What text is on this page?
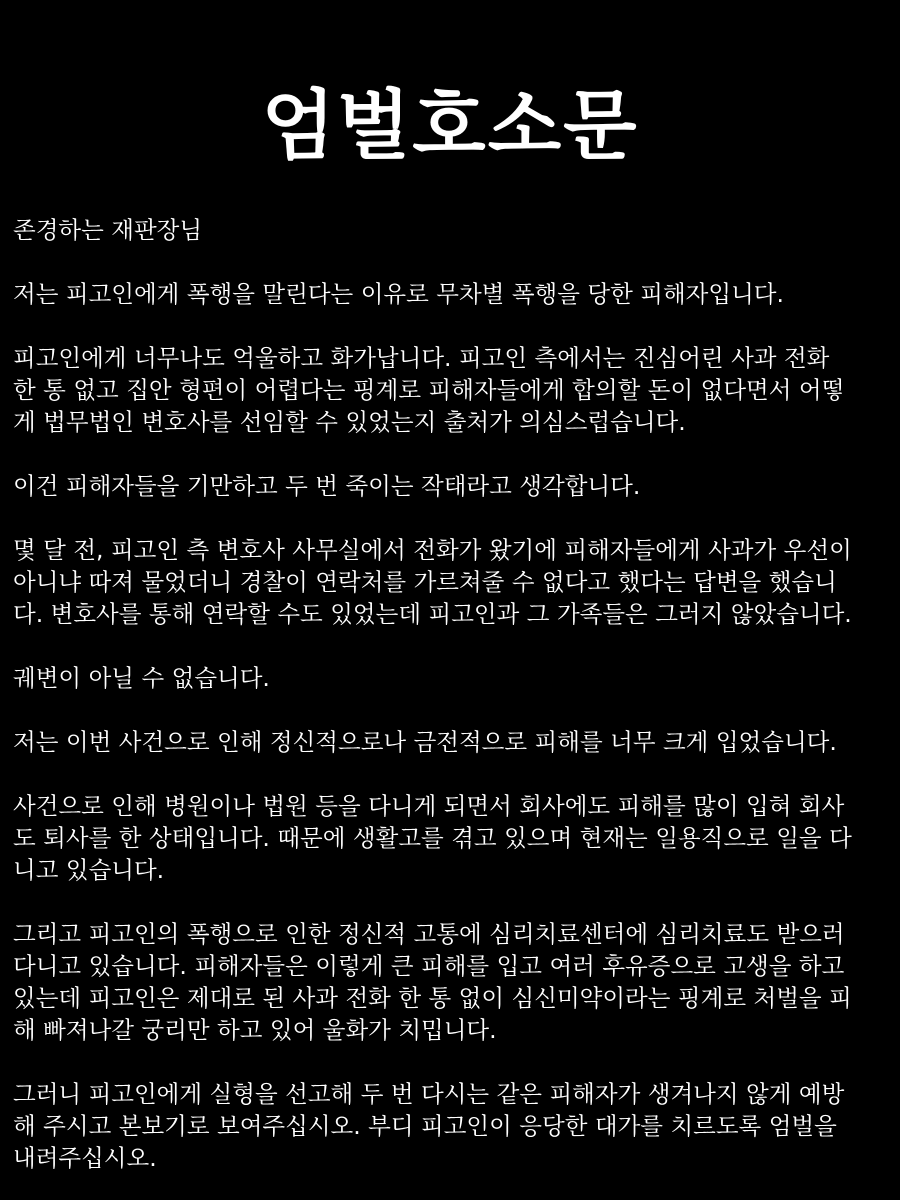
엄벌호소문
존경하는 재판장님
저는 피고인에게 폭행을 말린다는 이유로 무차별 폭행을 당한 피해자입니다.
피고인에게 너무나도 억울하고 화가납니다. 피고인 측에서는 진심어린 사과 전화
한 통 없고 집안 형편이 어렵다는 핑계로 피해자들에게 합의할 돈이 없다면서 어떻
게 법무법인 변호사를 선임할 수 있었는지 출처가 의심스럽습니다.
이건 피해자들을 기만하고 두 번 죽이는 작태라고 생각합니다.
몇 달 전, 피고인 측 변호사 사무실에서 전화가 왔기에 피해자들에게 사과가 우선이
아니냐 따져 물었더니 경찰이 연락처를 가르쳐줄 수 없다고 했다는 답변을 했습니
다. 변호사를 통해 연락할 수도 있었는데 피고인과 그 가족들은 그러지 않았습니다.
궤변이 아닐 수 없습니다.
저는 이번 사건으로 인해 정신적으로나 금전적으로 피해를 너무 크게 입었습니다.
사건으로 인해 병원이나 법원 등을 다니게 되면서 회사에도 피해를 많이 입혀 회사
도 퇴사를 한 상태입니다. 때문에 생활고를 겪고 있으며 현재는 일용직으로 일을 다
니고 있습니다.
그리고 피고인의 폭행으로 인한 정신적 고통에 심리치료센터에 심리치료도 받으러
다니고 있습니다. 피해자들은 이렇게 큰 피해를 입고 여러 후유증으로 고생을 하고
있는데 피고인은 제대로 된 사과 전화 한 통 없이 심신미약이라는 핑계로 처벌을 피
해 빠져나갈 궁리만 하고 있어 울화가 치밉니다.
그러니 피고인에게 실형을 선고해 두 번 다시는 같은 피해자가 생겨나지 않게 예방
해 주시고 본보기로 보여주십시오. 부디 피고인이 응당한 대가를 치르도록 엄벌을
내려주십시오.
